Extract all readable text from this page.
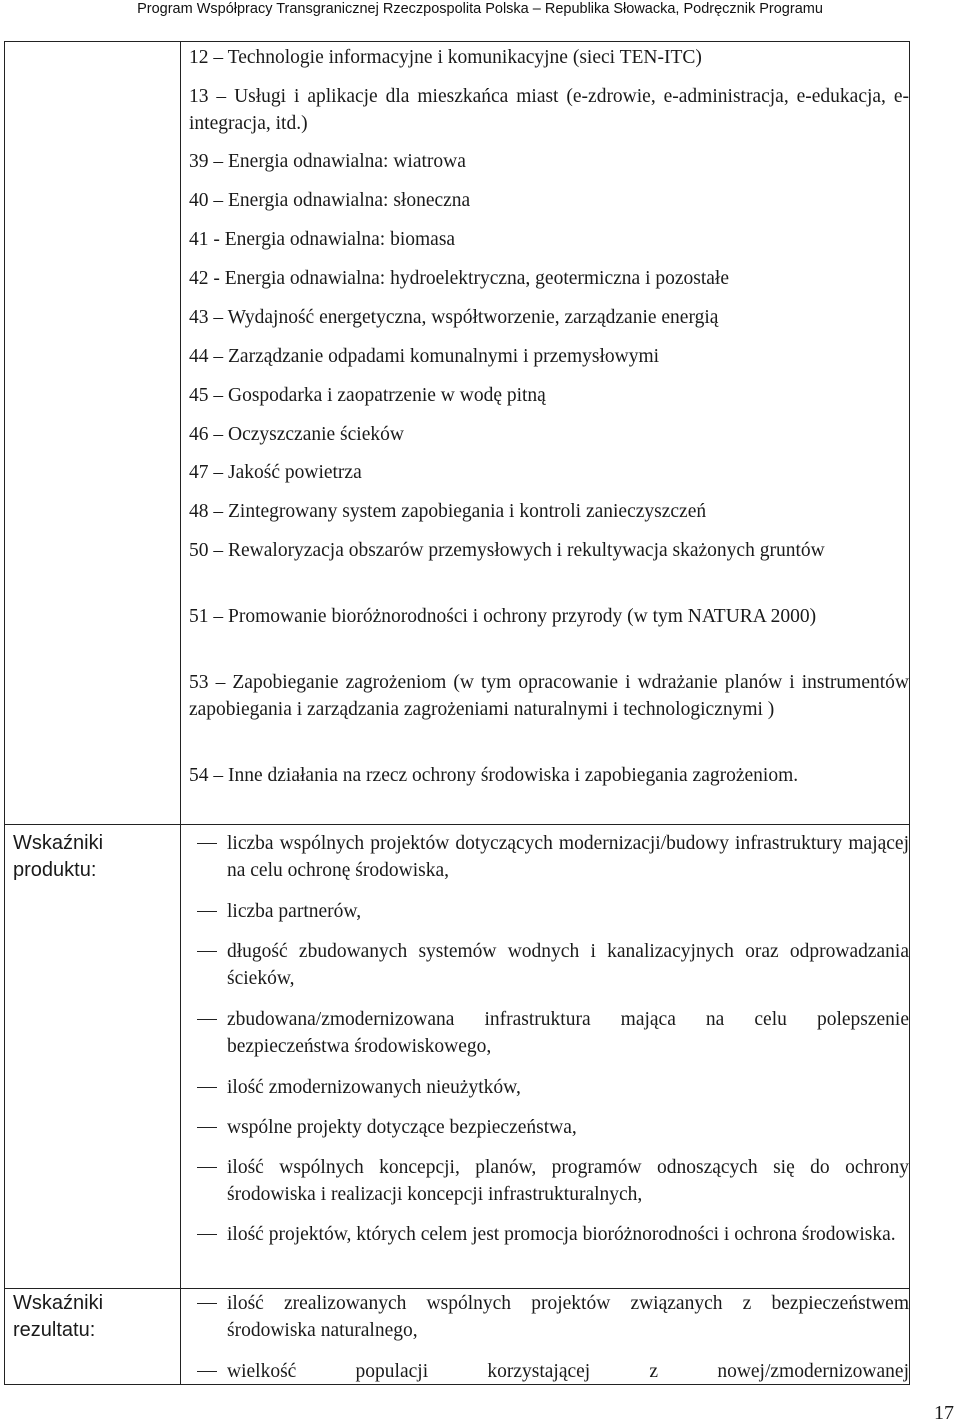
Program Współpracy Transgranicznej Rzeczpospolita Polska – Republika Słowacka, Podręcznik Programu
Wskaźniki produktu:
Wskaźniki rezultatu:
12 – Technologie informacyjne i komunikacyjne (sieci TEN-ITC)
13 – Usługi i aplikacje dla mieszkańca miast (e-zdrowie, e-administracja, e-edukacja, e-integracja, itd.)
39 – Energia odnawialna: wiatrowa
40 – Energia odnawialna: słoneczna
41 - Energia odnawialna: biomasa
42 - Energia odnawialna: hydroelektryczna, geotermiczna i pozostałe
43 – Wydajność energetyczna, współtworzenie, zarządzanie energią
44 – Zarządzanie odpadami komunalnymi i przemysłowymi
45 – Gospodarka i zaopatrzenie w wodę pitną
46 – Oczyszczanie ścieków
47 – Jakość powietrza
48 – Zintegrowany system zapobiegania i kontroli zanieczyszczeń
50 – Rewaloryzacja obszarów przemysłowych i rekultywacja skażonych gruntów
51 – Promowanie bioróżnorodności i ochrony przyrody (w tym NATURA 2000)
53 – Zapobieganie zagrożeniom (w tym opracowanie i wdrażanie planów i instrumentów zapobiegania i zarządzania zagrożeniami naturalnymi i technologicznymi )
54 – Inne działania na rzecz ochrony środowiska i zapobiegania zagrożeniom.
liczba wspólnych projektów dotyczących modernizacji/budowy infrastruktury mającej na celu ochronę środowiska,
liczba partnerów,
długość zbudowanych systemów wodnych i kanalizacyjnych oraz odprowadzania ścieków,
zbudowana/zmodernizowana infrastruktura mająca na celu polepszenie bezpieczeństwa środowiskowego,
ilość zmodernizowanych nieużytków,
wspólne projekty dotyczące bezpieczeństwa,
ilość wspólnych koncepcji, planów, programów odnoszących się do ochrony środowiska i realizacji koncepcji infrastrukturalnych,
ilość projektów, których celem jest promocja bioróżnorodności i ochrona środowiska.
ilość zrealizowanych wspólnych projektów związanych z bezpieczeństwem środowiska naturalnego,
wielkość populacji korzystającej z nowej/zmodernizowanej
17
